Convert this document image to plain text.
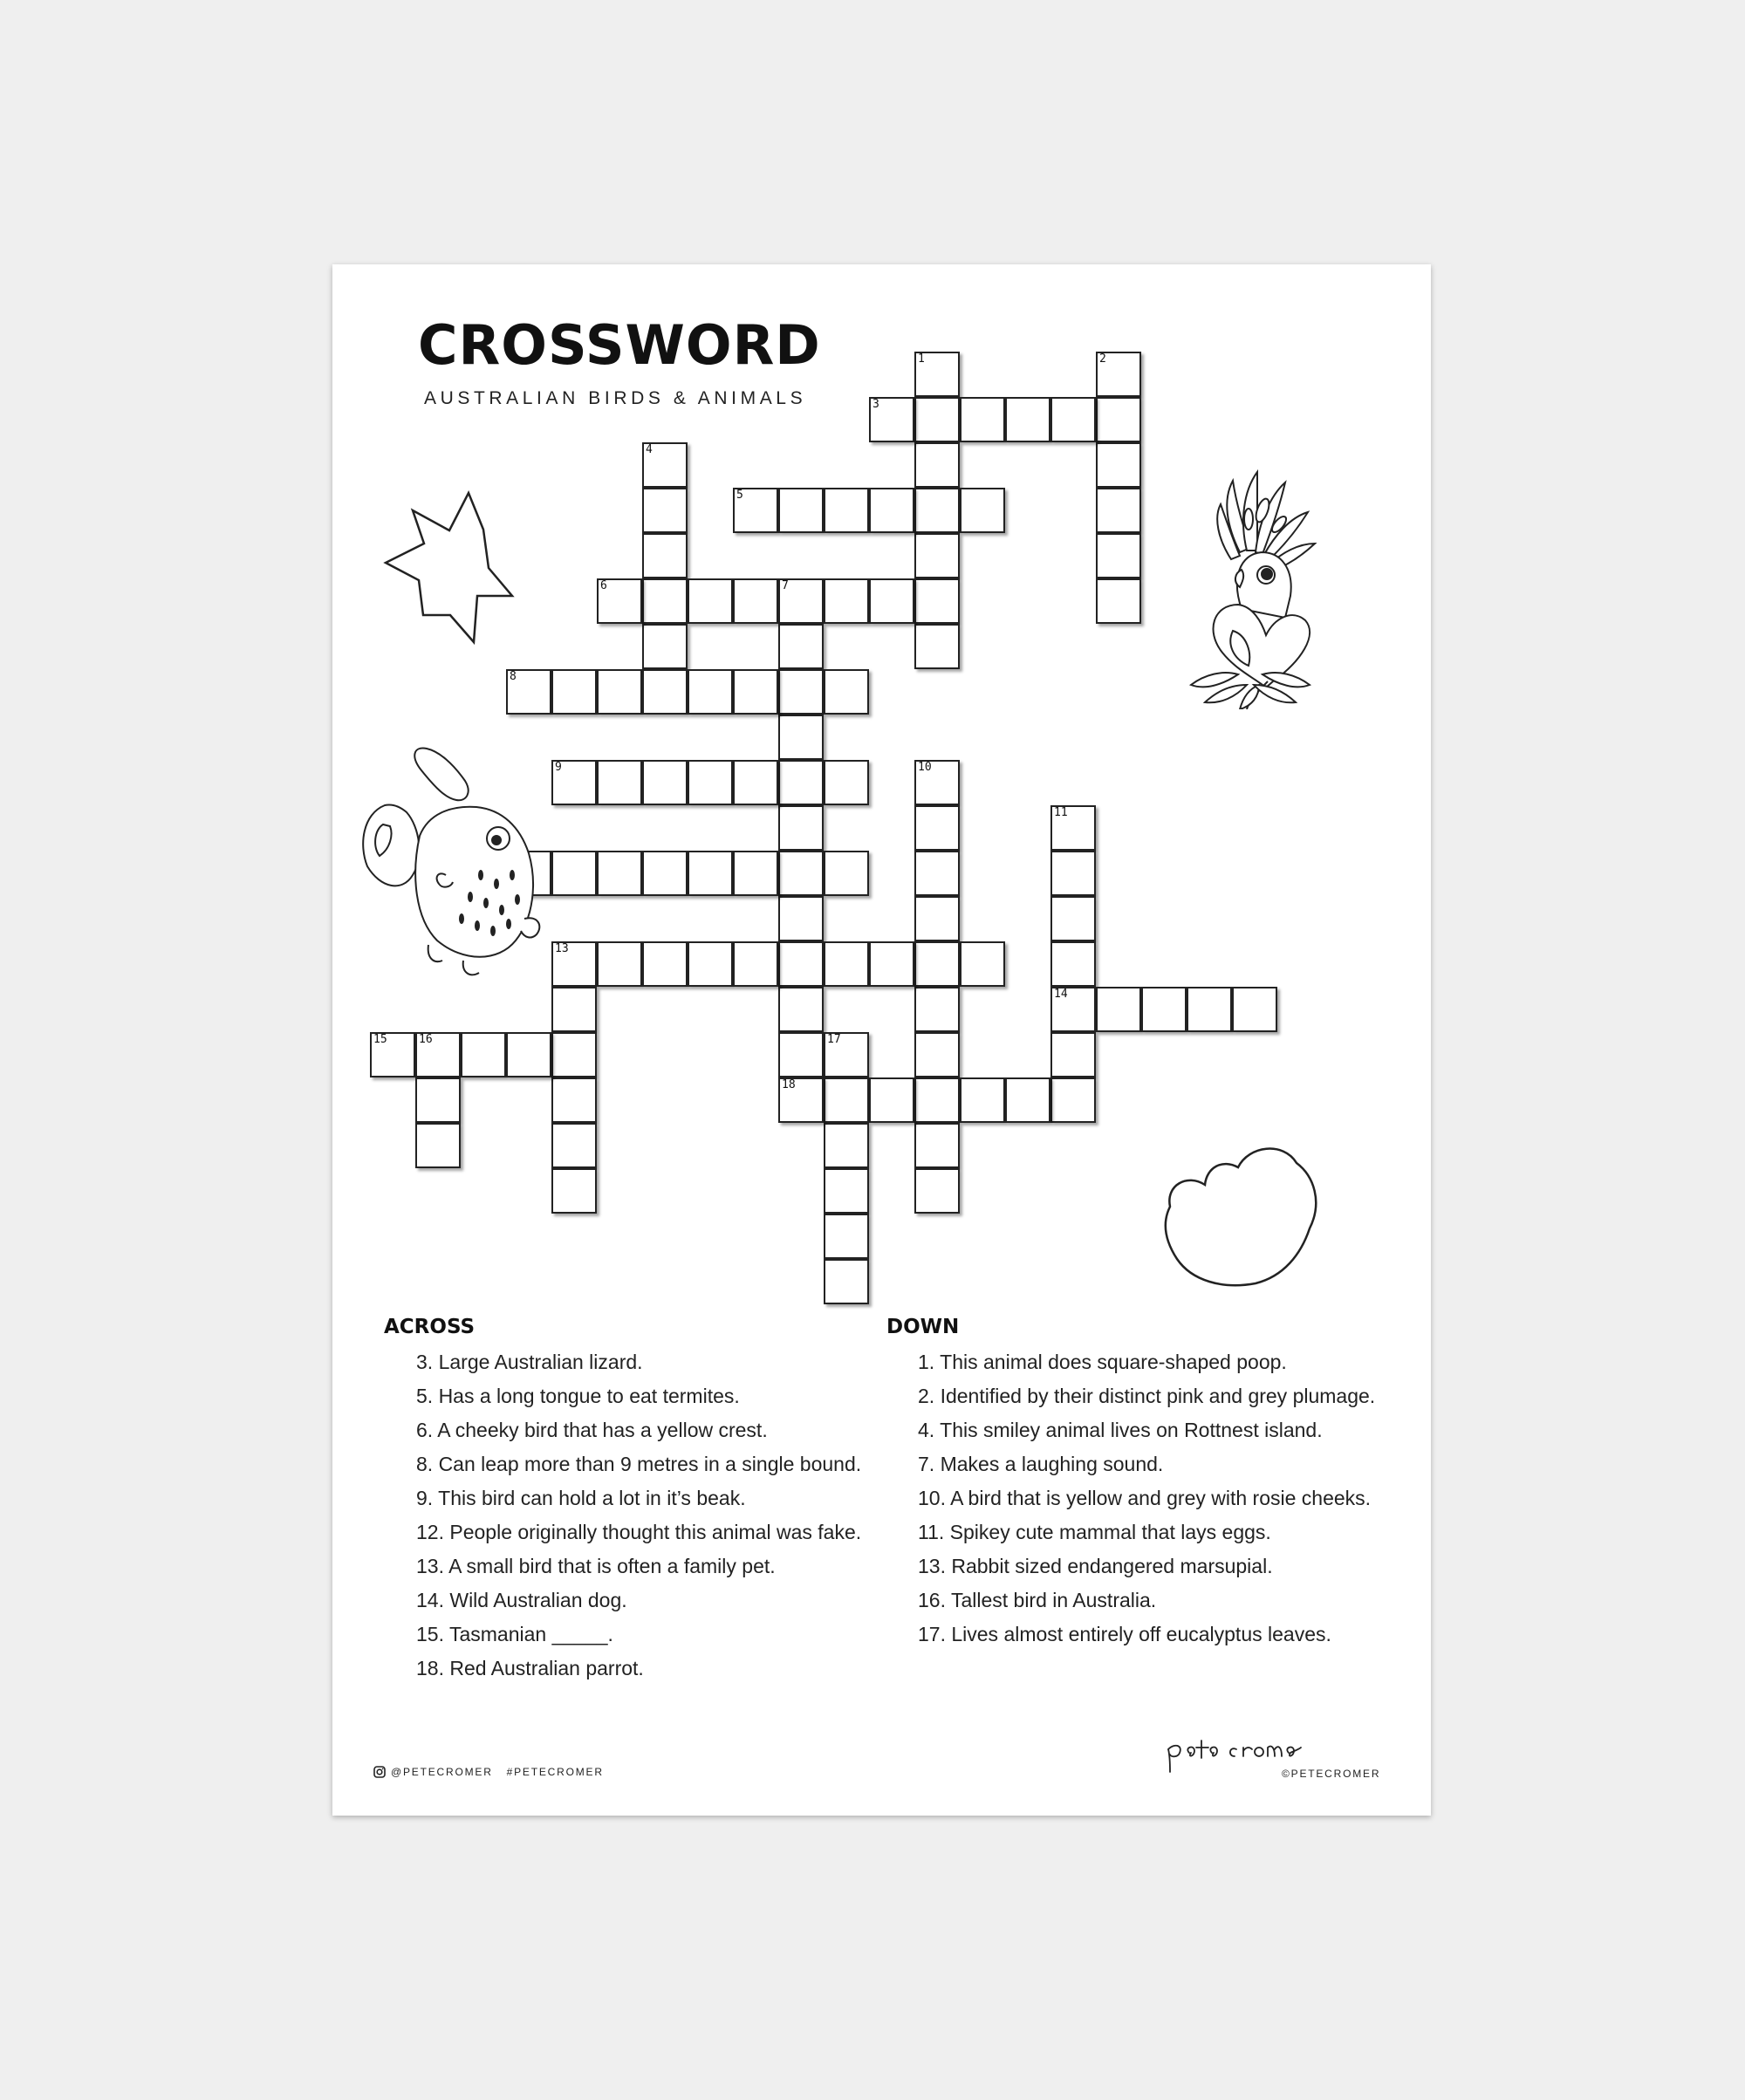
CROSSWORD
AUSTRALIAN BIRDS & ANIMALS
1	2
3
4
5
6	7
8
9	10
11
14
13
15	16	17
18
ACROSS
3. Large Australian lizard.
5. Has a long tongue to eat termites.
6. A cheeky bird that has a yellow crest.
8. Can leap more than 9 metres in a single bound.
9. This bird can hold a lot in it’s beak.
12. People originally thought this animal was fake.
13. A small bird that is often a family pet.
14. Wild Australian dog.
15. Tasmanian _____.
18. Red Australian parrot.
DOWN
1. This animal does square-shaped poop.
2. Identified by their distinct pink and grey plumage.
4. This smiley animal lives on Rottnest island.
7. Makes a laughing sound.
10. A bird that is yellow and grey with rosie cheeks.
11. Spikey cute mammal that lays eggs.
13. Rabbit sized endangered marsupial.
16. Tallest bird in Australia.
17. Lives almost entirely off eucalyptus leaves.
@PETECROMER #PETECROMER	©PETECROMER
